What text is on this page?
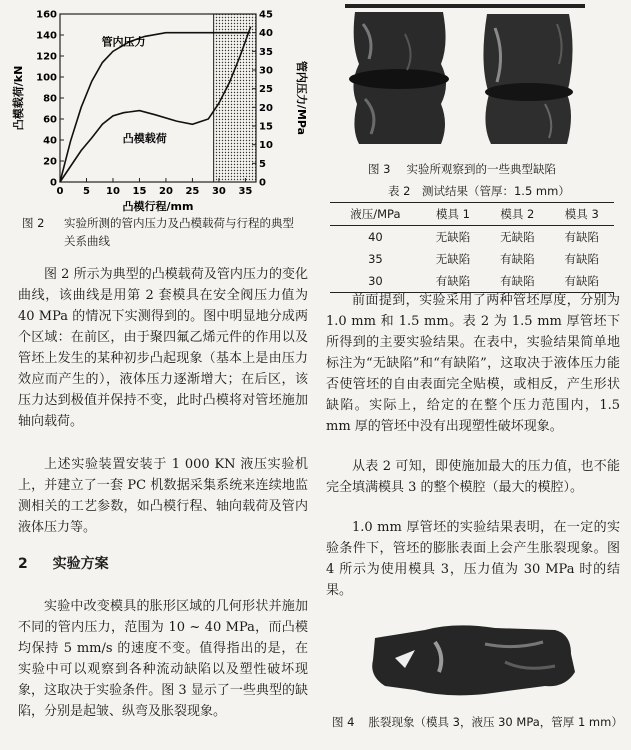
0 5 10 15 20 25 30 35
0
20
40
60
80
100
120
140
160
0
5
10
15
20
25
30
35
40
45
管内压力
凸模载荷
凸模行程/mm
凸模载荷/kN	管内压力/MPa
图 2 实验所测的管内压力及凸模载荷与行程的典型关系曲线

图 2 所示为典型的凸模载荷及管内压力的变化曲线，该曲线是用第 2 套模具在安全阀压力值为 40 MPa 的情况下实测得到的。图中明显地分成两个区域：在前区，由于聚四氟乙烯元件的作用以及管坯上发生的某种初步凸起现象（基本上是由压力效应而产生的），液体压力逐渐增大；在后区，该压力达到极值并保持不变，此时凸模将对管坯施加轴向载荷。

上述实验装置安装于 1 000 KN 液压实验机上，并建立了一套 PC 机数据采集系统来连续地监测相关的工艺参数，如凸模行程、轴向载荷及管内液体压力等。

2 实验方案

实验中改变模具的胀形区域的几何形状并施加不同的管内压力，范围为 10 ~ 40 MPa，而凸模均保持 5 mm/s 的速度不变。值得指出的是，在实验中可以观察到各种流动缺陷以及塑性破坏现象，这取决于实验条件。图 3 显示了一些典型的缺陷，分别是起皱、纵弯及胀裂现象。

图 3 实验所观察到的一些典型缺陷
表 2　测试结果（管厚：1.5 mm）
液压/MPa	模具 1	模具 2	模具 3
40	无缺陷	无缺陷	有缺陷
35	无缺陷	有缺陷	有缺陷
30	有缺陷	有缺陷	有缺陷

前面提到，实验采用了两种管坯厚度，分别为 1.0 mm 和 1.5 mm。表 2 为 1.5 mm 厚管坯下所得到的主要实验结果。在表中，实验结果简单地标注为“无缺陷”和“有缺陷”，这取决于液体压力能否使管坯的自由表面完全贴模，或相反，产生形状缺陷。实际上，给定的在整个压力范围内，1.5 mm 厚的管坯中没有出现塑性破坏现象。

从表 2 可知，即使施加最大的压力值，也不能完全填满模具 3 的整个模腔（最大的模腔）。

1.0 mm 厚管坯的实验结果表明，在一定的实验条件下，管坯的膨胀表面上会产生胀裂现象。图 4 所示为使用模具 3，压力值为 30 MPa 时的结果。

图 4 胀裂现象（模具 3，液压 30 MPa，管厚 1 mm）
